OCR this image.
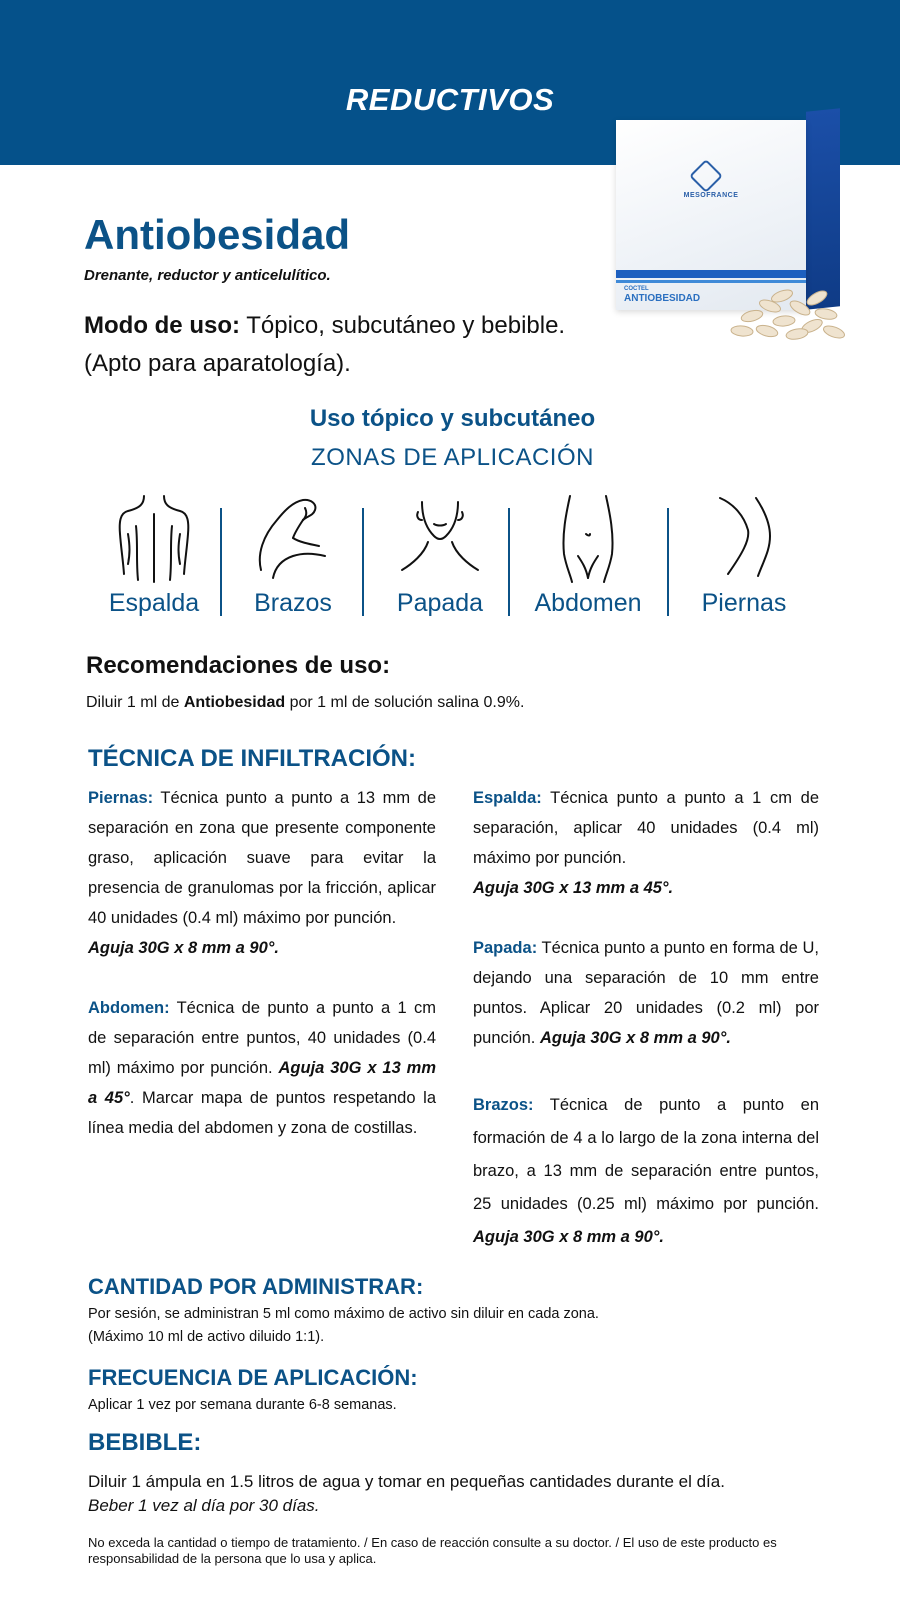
REDUCTIVOS
MESOFRANCE
COCTEL
ANTIOBESIDAD
Antiobesidad
Drenante, reductor y anticelulítico.
Modo de uso: Tópico, subcutáneo y bebible.
(Apto para aparatología).
Uso tópico y subcutáneo
ZONAS DE APLICACIÓN
Espalda	Brazos	Papada	Abdomen	Piernas
Recomendaciones de uso:
Diluir 1 ml de Antiobesidad por 1 ml de solución salina 0.9%.
TÉCNICA DE INFILTRACIÓN:

Piernas: Técnica punto a punto a 13 mm de separación en zona que presente componente graso, aplicación suave para evitar la presencia de granulomas por la fricción, aplicar 40 unidades (0.4 ml) máximo por punción.

Aguja 30G x 8 mm a 90°.

Abdomen: Técnica de punto a punto a 1 cm de separación entre puntos, 40 unidades (0.4 ml) máximo por punción. Aguja 30G x 13 mm a 45°. Marcar mapa de puntos respetando la línea media del abdomen y zona de costillas.

Espalda: Técnica punto a punto a 1 cm de separación, aplicar 40 unidades (0.4 ml) máximo por punción.

Aguja 30G x 13 mm a 45°.

Papada: Técnica punto a punto en forma de U, dejando una separación de 10 mm entre puntos. Aplicar 20 unidades (0.2 ml) por punción. Aguja 30G x 8 mm a 90°.

Brazos: Técnica de punto a punto en formación de 4 a lo largo de la zona interna del brazo, a 13 mm de separación entre puntos, 25 unidades (0.25 ml) máximo por punción. Aguja 30G x 8 mm a 90°.

CANTIDAD POR ADMINISTRAR:
Por sesión, se administran 5 ml como máximo de activo sin diluir en cada zona.
(Máximo 10 ml de activo diluido 1:1).
FRECUENCIA DE APLICACIÓN:
Aplicar 1 vez por semana durante 6-8 semanas.
BEBIBLE:
Diluir 1 ámpula en 1.5 litros de agua y tomar en pequeñas cantidades durante el día.
Beber 1 vez al día por 30 días.
No exceda la cantidad o tiempo de tratamiento. / En caso de reacción consulte a su doctor. / El uso de este producto es responsabilidad de la persona que lo usa y aplica.
